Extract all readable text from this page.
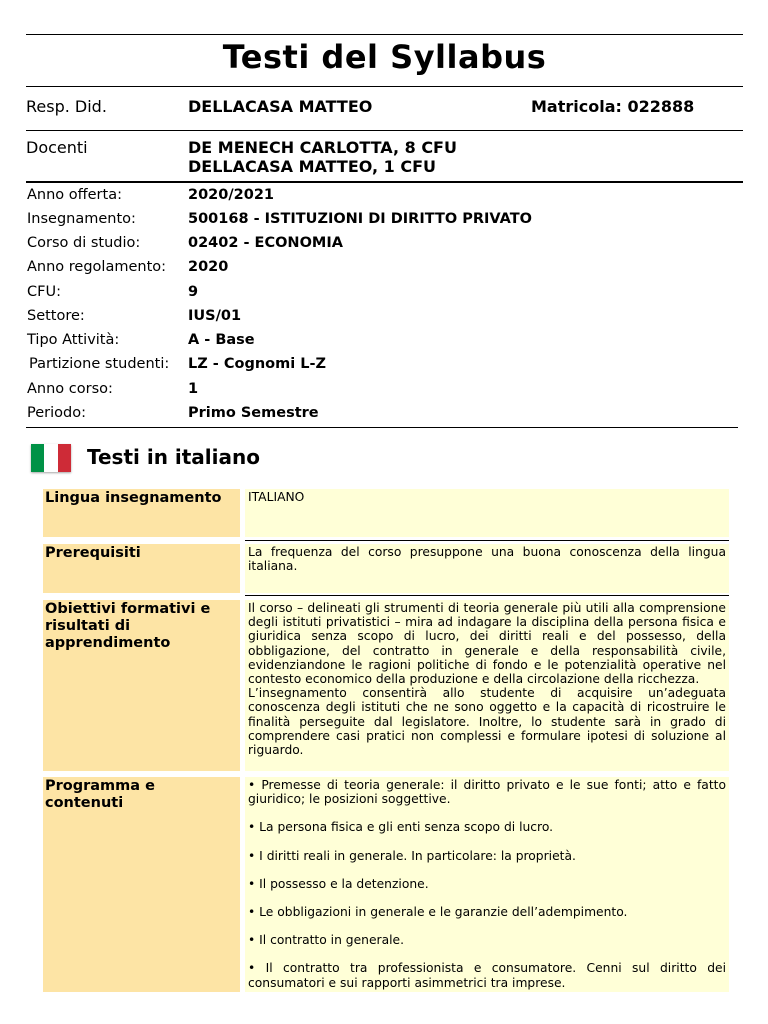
Testi del Syllabus
Resp. Did.	DELLACASA MATTEO	Matricola: 022888
Docenti	DE MENECH CARLOTTA, 8 CFU
DELLACASA MATTEO, 1 CFU
Anno offerta:	2020/2021
Insegnamento:	500168 - ISTITUZIONI DI DIRITTO PRIVATO
Corso di studio:	02402 - ECONOMIA
Anno regolamento: 2020
CFU:	9
Settore:	IUS/01
Tipo Attività:	A - Base
Partizione studenti: LZ - Cognomi L-Z
Anno corso:	1
Periodo:	Primo Semestre
Testi in italiano
Lingua insegnamento	ITALIANO
Prerequisiti	La frequenza del corso presuppone una buona conoscenza della lingua italiana.
Obiettivi formativi e risultati di apprendimento

Il corso – delineati gli strumenti di teoria generale più utili alla comprensione degli istituti privatistici – mira ad indagare la disciplina della persona fisica e giuridica senza scopo di lucro, dei diritti reali e del possesso, della obbligazione, del contratto in generale e della responsabilità civile, evidenziandone le ragioni politiche di fondo e le potenzialità operative nel contesto economico della produzione e della circolazione della ricchezza.

L’insegnamento consentirà allo studente di acquisire un’adeguata conoscenza degli istituti che ne sono oggetto e la capacità di ricostruire le finalità perseguite dal legislatore. Inoltre, lo studente sarà in grado di comprendere casi pratici non complessi e formulare ipotesi di soluzione al riguardo.

Programma e contenuti

• Premesse di teoria generale: il diritto privato e le sue fonti; atto e fatto giuridico; le posizioni soggettive.

• La persona fisica e gli enti senza scopo di lucro.

• I diritti reali in generale. In particolare: la proprietà.

• Il possesso e la detenzione.

• Le obbligazioni in generale e le garanzie dell’adempimento.

• Il contratto in generale.

• Il contratto tra professionista e consumatore. Cenni sul diritto dei consumatori e sui rapporti asimmetrici tra imprese.
